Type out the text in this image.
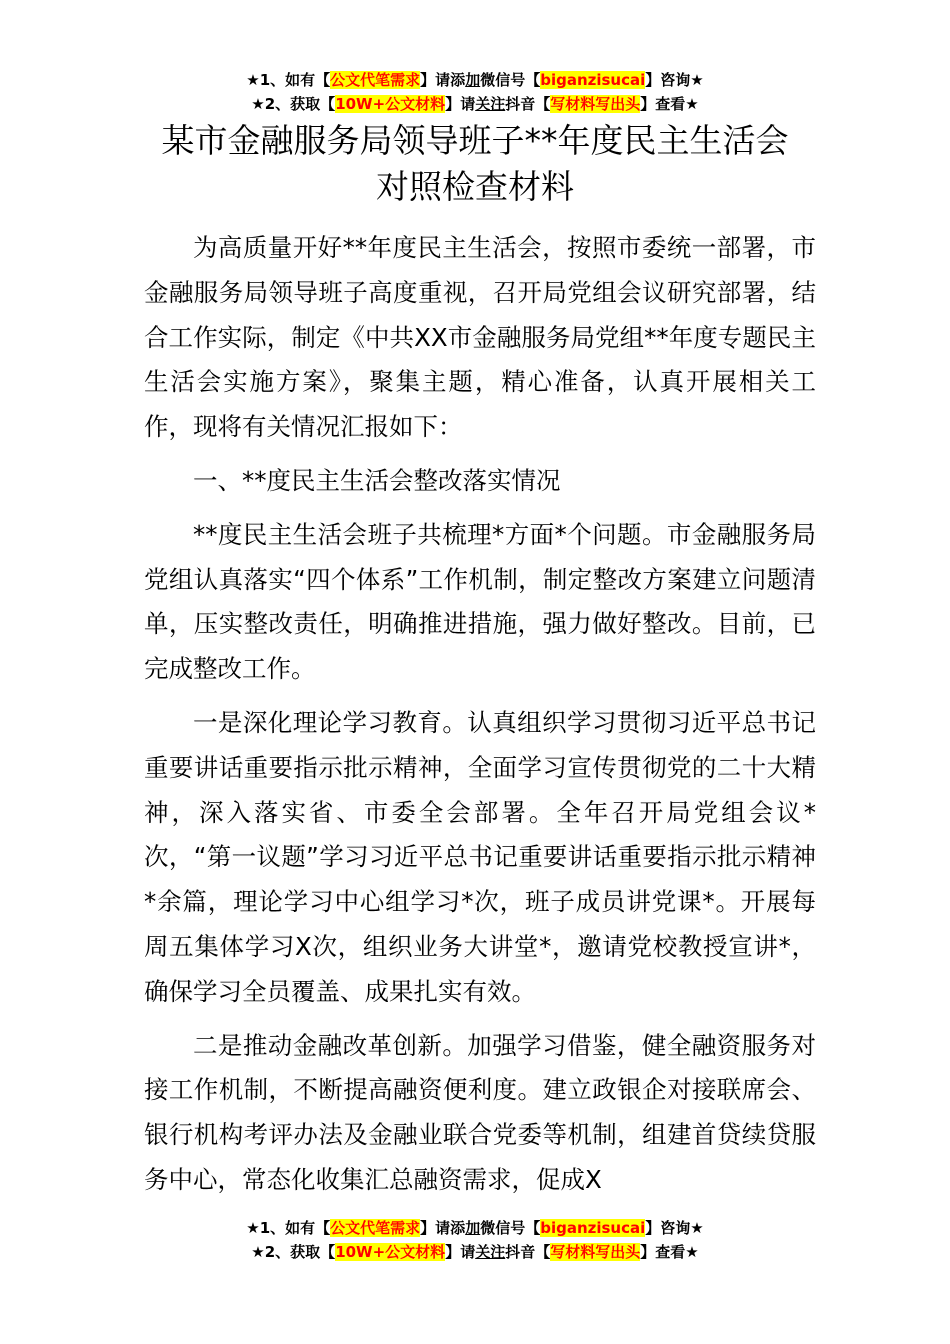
★1、如有【公文代笔需求】请添加微信号【biganzisucai】咨询★
★2、获取【10W+公文材料】请关注抖音【写材料写出头】查看★
某市金融服务局领导班子**年度民主生活会
对照检查材料

为高质量开好**年度民主生活会，按照市委统一部署，市金融服务局领导班子高度重视，召开局党组会议研究部署，结合工作实际，制定《中共XX市金融服务局党组**年度专题民主生活会实施方案》，聚集主题，精心准备，认真开展相关工作，现将有关情况汇报如下：

一、**度民主生活会整改落实情况

**度民主生活会班子共梳理*方面*个问题。市金融服务局党组认真落实“四个体系”工作机制，制定整改方案建立问题清单，压实整改责任，明确推进措施，强力做好整改。目前，已完成整改工作。

一是深化理论学习教育。认真组织学习贯彻习近平总书记重要讲话重要指示批示精神，全面学习宣传贯彻党的二十大精神，深入落实省、市委全会部署。全年召开局党组会议*次，“第一议题”学习习近平总书记重要讲话重要指示批示精神*余篇，理论学习中心组学习*次，班子成员讲党课*。开展每周五集体学习X次，组织业务大讲堂*，邀请党校教授宣讲*，确保学习全员覆盖、成果扎实有效。

二是推动金融改革创新。加强学习借鉴，健全融资服务对接工作机制，不断提高融资便利度。建立政银企对接联席会、银行机构考评办法及金融业联合党委等机制，组建首贷续贷服务中心，常态化收集汇总融资需求，促成X

★1、如有【公文代笔需求】请添加微信号【biganzisucai】咨询★
★2、获取【10W+公文材料】请关注抖音【写材料写出头】查看★
